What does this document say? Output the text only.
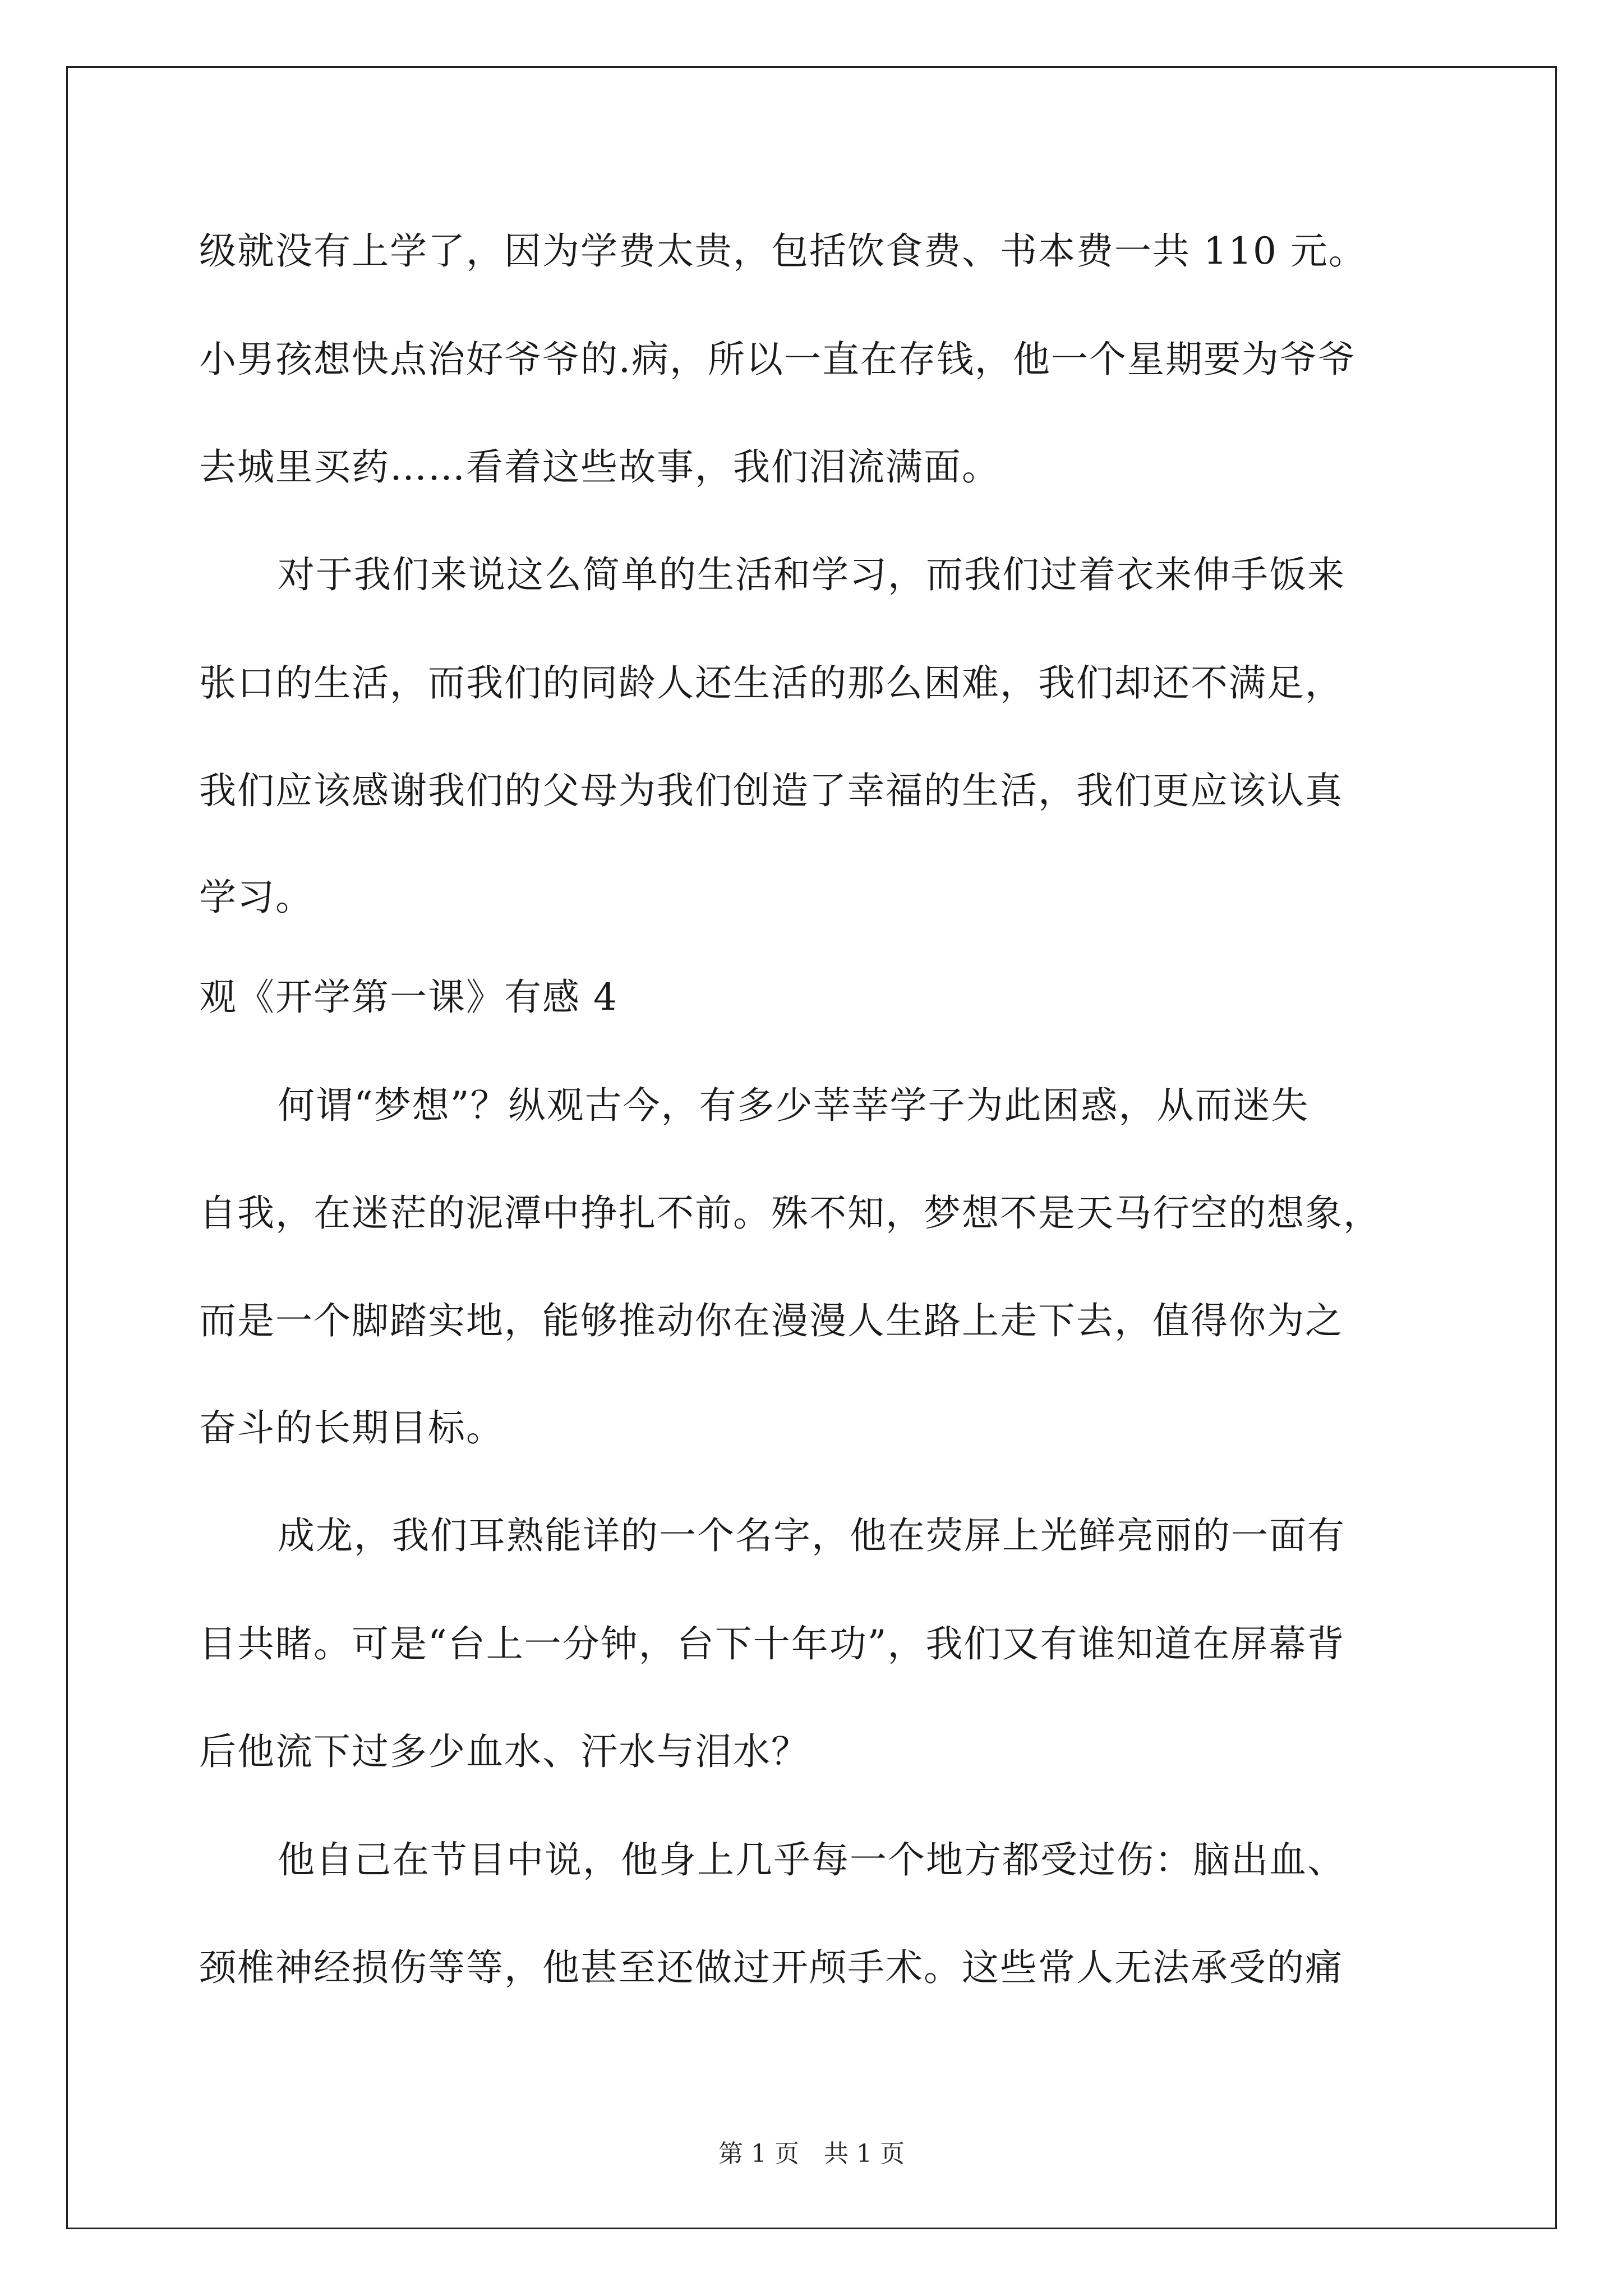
级就没有上学了，因为学费太贵，包括饮食费、书本费一共 110 元。
小男孩想快点治好爷爷的.病，所以一直在存钱，他一个星期要为爷爷
去城里买药……看着这些故事，我们泪流满面。
对于我们来说这么简单的生活和学习，而我们过着衣来伸手饭来
张口的生活，而我们的同龄人还生活的那么困难，我们却还不满足，
我们应该感谢我们的父母为我们创造了幸福的生活，我们更应该认真
学习。
观《开学第一课》有感 4
何谓“梦想”？纵观古今，有多少莘莘学子为此困惑，从而迷失
自我，在迷茫的泥潭中挣扎不前。殊不知，梦想不是天马行空的想象，
而是一个脚踏实地，能够推动你在漫漫人生路上走下去，值得你为之
奋斗的长期目标。
成龙，我们耳熟能详的一个名字，他在荧屏上光鲜亮丽的一面有
目共睹。可是“台上一分钟，台下十年功”，我们又有谁知道在屏幕背
后他流下过多少血水、汗水与泪水？
他自己在节目中说，他身上几乎每一个地方都受过伤：脑出血、
颈椎神经损伤等等，他甚至还做过开颅手术。这些常人无法承受的痛
第 1 页　共 1 页
